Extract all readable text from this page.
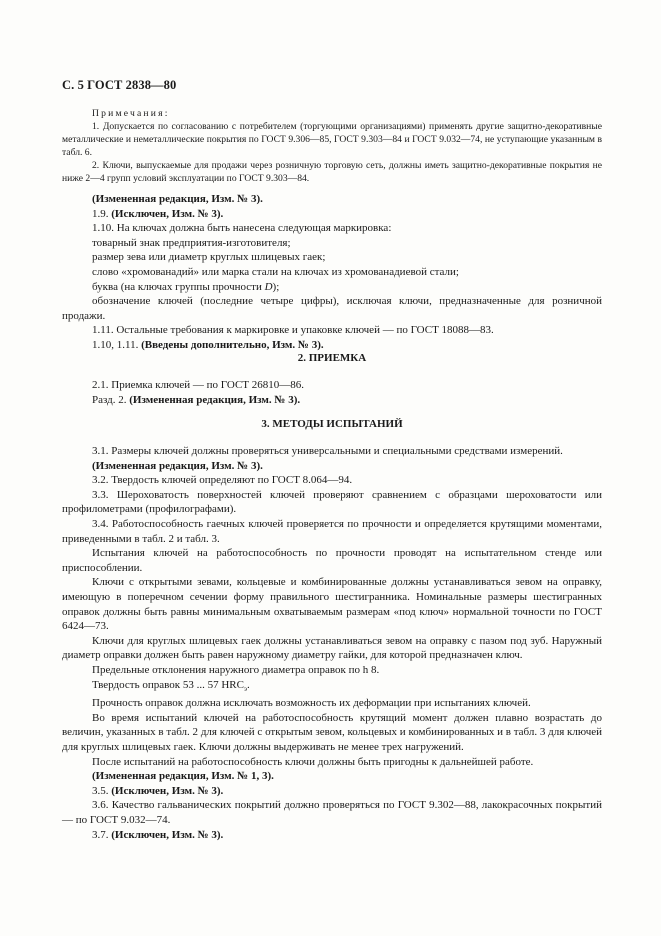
С. 5 ГОСТ 2838—80

Примечания:

1. Допускается по согласованию с потребителем (торгующими организациями) применять другие защитно-декоративные металлические и неметаллические покрытия по ГОСТ 9.306—85, ГОСТ 9.303—84 и ГОСТ 9.032—74, не уступающие указанным в табл. 6.

2. Ключи, выпускаемые для продажи через розничную торговую сеть, должны иметь защитно-декоративные покрытия не ниже 2—4 групп условий эксплуатации по ГОСТ 9.303—84.

(Измененная редакция, Изм. № 3).

1.9. (Исключен, Изм. № 3).

1.10. На ключах должна быть нанесена следующая маркировка:

товарный знак предприятия-изготовителя;

размер зева или диаметр круглых шлицевых гаек;

слово «хромованадий» или марка стали на ключах из хромованадиевой стали;

буква (на ключах группы прочности D);

обозначение ключей (последние четыре цифры), исключая ключи, предназначенные для розничной продажи.

1.11. Остальные требования к маркировке и упаковке ключей — по ГОСТ 18088—83.

1.10, 1.11. (Введены дополнительно, Изм. № 3).

2. ПРИЕМКА

2.1. Приемка ключей — по ГОСТ 26810—86.

Разд. 2. (Измененная редакция, Изм. № 3).

3. МЕТОДЫ ИСПЫТАНИЙ

3.1. Размеры ключей должны проверяться универсальными и специальными средствами измерений.

(Измененная редакция, Изм. № 3).

3.2. Твердость ключей определяют по ГОСТ 8.064—94.

3.3. Шероховатость поверхностей ключей проверяют сравнением с образцами шероховатости или профилометрами (профилографами).

3.4. Работоспособность гаечных ключей проверяется по прочности и определяется крутящими моментами, приведенными в табл. 2 и табл. 3.

Испытания ключей на работоспособность по прочности проводят на испытательном стенде или приспособлении.

Ключи с открытыми зевами, кольцевые и комбинированные должны устанавливаться зевом на оправку, имеющую в поперечном сечении форму правильного шестигранника. Номинальные размеры шестигранных оправок должны быть равны минимальным охватываемым размерам «под ключ» нормальной точности по ГОСТ 6424—73.

Ключи для круглых шлицевых гаек должны устанавливаться зевом на оправку с пазом под зуб. Наружный диаметр оправки должен быть равен наружному диаметру гайки, для которой предназначен ключ.

Предельные отклонения наружного диаметра оправок по h 8.

Твердость оправок 53 ... 57 $HRC_э$.

Прочность оправок должна исключать возможность их деформации при испытаниях ключей.

Во время испытаний ключей на работоспособность крутящий момент должен плавно возрастать до величин, указанных в табл. 2 для ключей с открытым зевом, кольцевых и комбинированных и в табл. 3 для ключей для круглых шлицевых гаек. Ключи должны выдерживать не менее трех нагружений.

После испытаний на работоспособность ключи должны быть пригодны к дальнейшей работе.

(Измененная редакция, Изм. № 1, 3).

3.5. (Исключен, Изм. № 3).

3.6. Качество гальванических покрытий должно проверяться по ГОСТ 9.302—88, лакокрасочных покрытий — по ГОСТ 9.032—74.

3.7. (Исключен, Изм. № 3).
